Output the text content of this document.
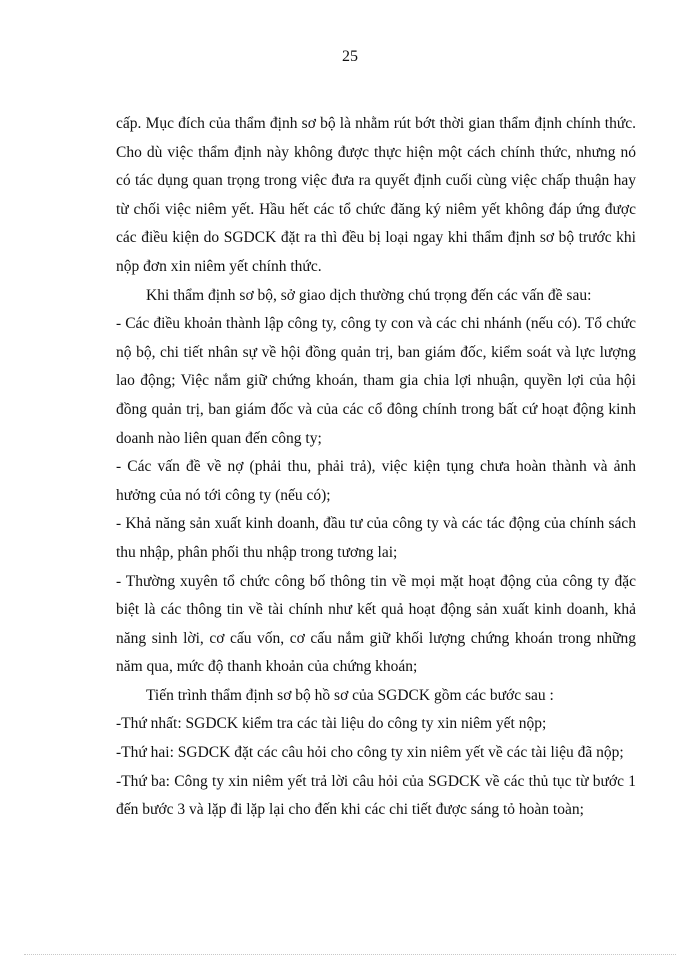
25

cấp. Mục đích của thẩm định sơ bộ là nhằm rút bớt thời gian thẩm định chính thức. Cho dù việc thẩm định này không được thực hiện một cách chính thức, nhưng nó có tác dụng quan trọng trong việc đưa ra quyết định cuối cùng việc chấp thuận hay từ chối việc niêm yết. Hầu hết các tổ chức đăng ký niêm yết không đáp ứng được các điều kiện do SGDCK đặt ra thì đều bị loại ngay khi thẩm định sơ bộ trước khi nộp đơn xin niêm yết chính thức.

Khi thẩm định sơ bộ, sở giao dịch thường chú trọng đến các vấn đề sau:

- Các điều khoản thành lập công ty, công ty con và các chi nhánh (nếu có). Tổ chức nộ bộ, chi tiết nhân sự về hội đồng quản trị, ban giám đốc, kiểm soát và lực lượng lao động; Việc nắm giữ chứng khoán, tham gia chia lợi nhuận, quyền lợi của hội đồng quản trị, ban giám đốc và của các cổ đông chính trong bất cứ hoạt động kinh doanh nào liên quan đến công ty;

- Các vấn đề về nợ (phải thu, phải trả), việc kiện tụng chưa hoàn thành và ảnh hưởng của nó tới công ty (nếu có);

- Khả năng sản xuất kinh doanh, đầu tư của công ty và các tác động của chính sách thu nhập, phân phối thu nhập trong tương lai;

- Thường xuyên tổ chức công bố thông tin về mọi mặt hoạt động của công ty đặc biệt là các thông tin về tài chính như kết quả hoạt động sản xuất kinh doanh, khả năng sinh lời, cơ cấu vốn, cơ cấu nắm giữ khối lượng chứng khoán trong những năm qua, mức độ thanh khoản của chứng khoán;

Tiến trình thẩm định sơ bộ hồ sơ của SGDCK gồm các bước sau :

-Thứ nhất: SGDCK kiểm tra các tài liệu do công ty xin niêm yết nộp;

-Thứ hai: SGDCK đặt các câu hỏi cho công ty xin niêm yết về các tài liệu đã nộp;

-Thứ ba: Công ty xin niêm yết trả lời câu hỏi của SGDCK về các thủ tục từ bước 1 đến bước 3 và lặp đi lặp lại cho đến khi các chi tiết được sáng tỏ hoàn toàn;
